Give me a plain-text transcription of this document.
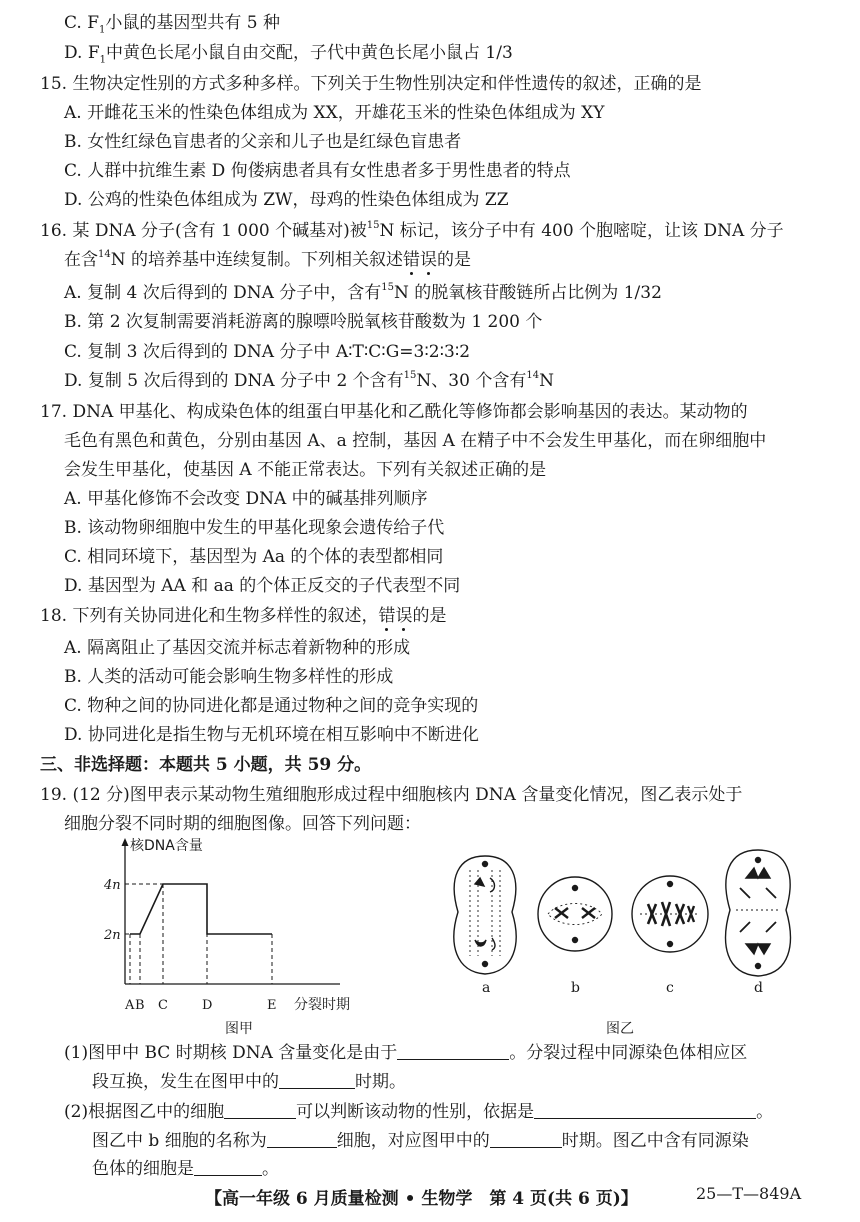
C. $F_1$小鼠的基因型共有 5 种
D. $F_1$中黄色长尾小鼠自由交配，子代中黄色长尾小鼠占 1/3
15. 生物决定性别的方式多种多样。下列关于生物性别决定和伴性遗传的叙述，正确的是
A. 开雌花玉米的性染色体组成为 XX，开雄花玉米的性染色体组成为 XY
B. 女性红绿色盲患者的父亲和儿子也是红绿色盲患者
C. 人群中抗维生素 D 佝偻病患者具有女性患者多于男性患者的特点
D. 公鸡的性染色体组成为 ZW，母鸡的性染色体组成为 ZZ
16. 某 DNA 分子(含有 1 000 个碱基对)被$^{15}$N 标记，该分子中有 400 个胞嘧啶，让该 DNA 分子
在含$^{14}$N 的培养基中连续复制。下列相关叙述错误的是
A. 复制 4 次后得到的 DNA 分子中，含有$^{15}$N 的脱氧核苷酸链所占比例为 1/32
B. 第 2 次复制需要消耗游离的腺嘌呤脱氧核苷酸数为 1 200 个
C. 复制 3 次后得到的 DNA 分子中 A∶T∶C∶G=3∶2∶3∶2
D. 复制 5 次后得到的 DNA 分子中 2 个含有$^{15}$N、30 个含有$^{14}$N
17. DNA 甲基化、构成染色体的组蛋白甲基化和乙酰化等修饰都会影响基因的表达。某动物的
毛色有黑色和黄色，分别由基因 A、a 控制，基因 A 在精子中不会发生甲基化，而在卵细胞中
会发生甲基化，使基因 A 不能正常表达。下列有关叙述正确的是
A. 甲基化修饰不会改变 DNA 中的碱基排列顺序
B. 该动物卵细胞中发生的甲基化现象会遗传给子代
C. 相同环境下，基因型为 Aa 的个体的表型都相同
D. 基因型为 AA 和 aa 的个体正反交的子代表型不同
18. 下列有关协同进化和生物多样性的叙述，错误的是
A. 隔离阻止了基因交流并标志着新物种的形成
B. 人类的活动可能会影响生物多样性的形成
C. 物种之间的协同进化都是通过物种之间的竞争实现的
D. 协同进化是指生物与无机环境在相互影响中不断进化
三、非选择题：本题共 5 小题，共 59 分。
19. (12 分)图甲表示某动物生殖细胞形成过程中细胞核内 DNA 含量变化情况，图乙表示处于
细胞分裂不同时期的细胞图像。回答下列问题：
核DNA含量
4n
2n
A B C	D	E 分裂时期
图甲
a	b	c	d
图乙
(1)图甲中 BC 时期核 DNA 含量变化是由于	。分裂过程中同源染色体相应区
段互换，发生在图甲中的	时期。
(2)根据图乙中的细胞	可以判断该动物的性别，依据是	。
图乙中 b 细胞的名称为	细胞，对应图甲中的	时期。图乙中含有同源染
色体的细胞是	。
【高一年级 6 月质量检测 • 生物学　第 4 页(共 6 页)】	25—T—849A
